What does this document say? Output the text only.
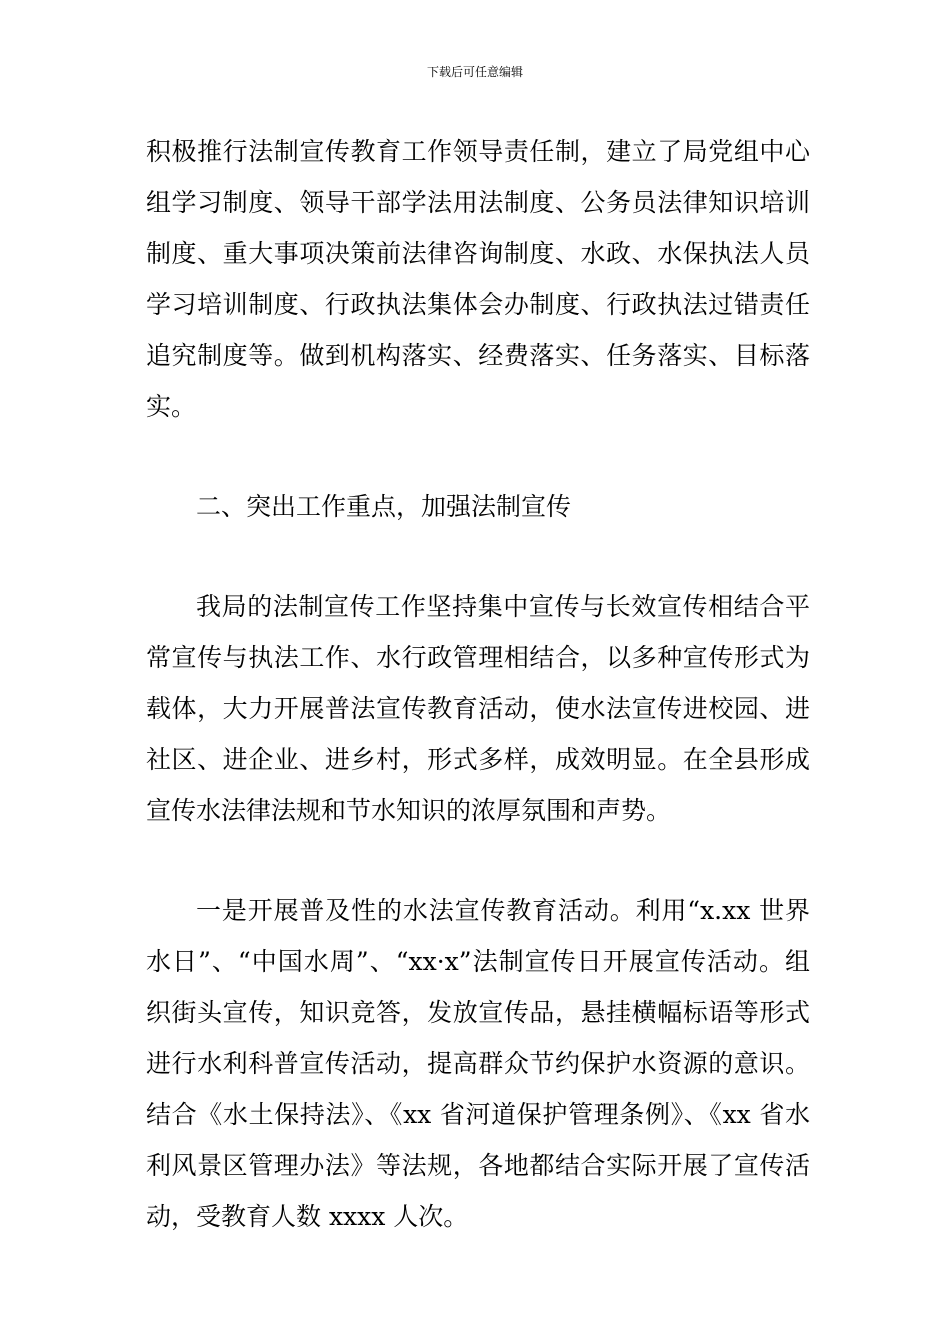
下载后可任意编辑

积极推行法制宣传教育工作领导责任制，建立了局党组中心组学习制度、领导干部学法用法制度、公务员法律知识培训制度、重大事项决策前法律咨询制度、水政、水保执法人员学习培训制度、行政执法集体会办制度、行政执法过错责任追究制度等。做到机构落实、经费落实、任务落实、目标落实。

二、突出工作重点，加强法制宣传

我局的法制宣传工作坚持集中宣传与长效宣传相结合平常宣传与执法工作、水行政管理相结合，以多种宣传形式为载体，大力开展普法宣传教育活动，使水法宣传进校园、进社区、进企业、进乡村，形式多样，成效明显。在全县形成宣传水法律法规和节水知识的浓厚氛围和声势。

一是开展普及性的水法宣传教育活动。利用“x.xx 世界水日”、“中国水周”、“xx·x”法制宣传日开展宣传活动。组织街头宣传，知识竞答，发放宣传品，悬挂横幅标语等形式进行水利科普宣传活动，提高群众节约保护水资源的意识。结合《水土保持法》、《xx 省河道保护管理条例》、《xx 省水利风景区管理办法》等法规，各地都结合实际开展了宣传活动，受教育人数 xxxx 人次。
